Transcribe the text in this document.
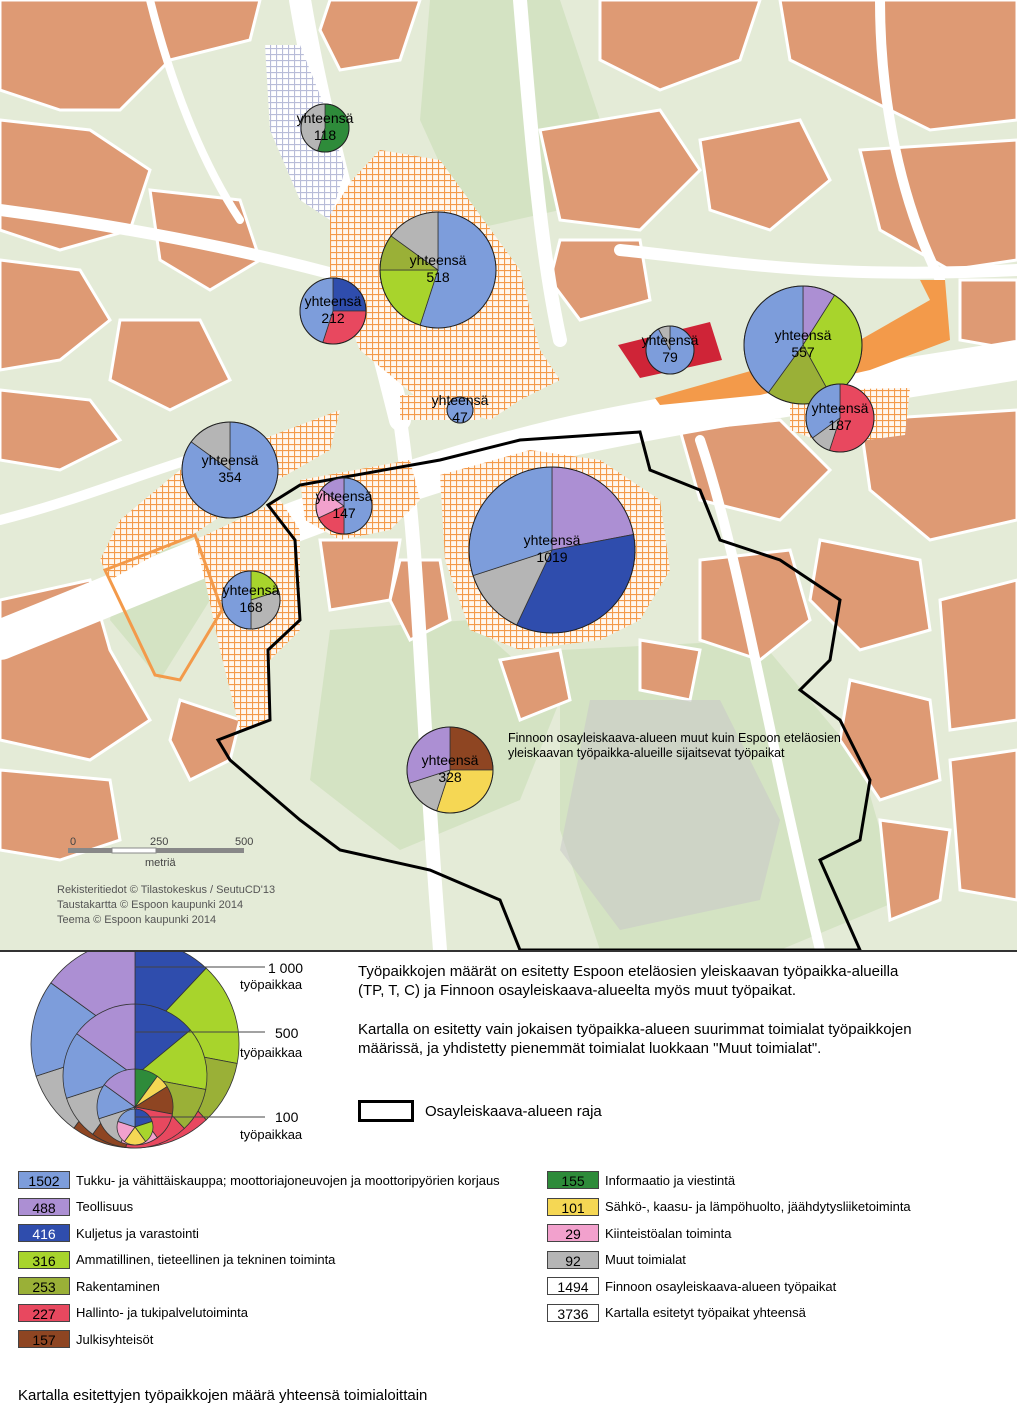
yhteensä
118
yhteensä
518
yhteensä
212
yhteensä
79
yhteensä
557
yhteensä
47
yhteensä
187
yhteensä
354
yhteensä
147
yhteensä
1019
yhteensä
168
yhteensä
328
0	250	500
metriä
Rekisteritiedot © Tilastokeskus / SeutuCD'13
Taustakartta © Espoon kaupunki 2014
Teema © Espoon kaupunki 2014
Finnoon osayleiskaava-alueen muut kuin Espoon eteläosien
yleiskaavan työpaikka-alueille sijaitsevat työpaikat
1 000
työpaikkaa
500
työpaikkaa
100
työpaikkaa
Työpaikkojen määrät on esitetty Espoon eteläosien yleiskaavan työpaikka-alueilla
(TP, T, C) ja Finnoon osayleiskaava-alueelta myös muut työpaikat.
Kartalla on esitetty vain jokaisen työpaikka-alueen suurimmat toimialat työpaikkojen
määrissä, ja yhdistetty pienemmät toimialat luokkaan "Muut toimialat".
Osayleiskaava-alueen raja
1502	Tukku- ja vähittäiskauppa; moottoriajoneuvojen ja moottoripyörien korjaus
488	Teollisuus
416	Kuljetus ja varastointi
316	Ammatillinen, tieteellinen ja tekninen toiminta
253	Rakentaminen
227	Hallinto- ja tukipalvelutoiminta
157	Julkisyhteisöt
155	Informaatio ja viestintä
101	Sähkö-, kaasu- ja lämpöhuolto, jäähdytysliiketoiminta
29	Kiinteistöalan toiminta
92	Muut toimialat
1494	Finnoon osayleiskaava-alueen työpaikat
3736	Kartalla esitetyt työpaikat yhteensä
Kartalla esitettyjen työpaikkojen määrä yhteensä toimialoittain
